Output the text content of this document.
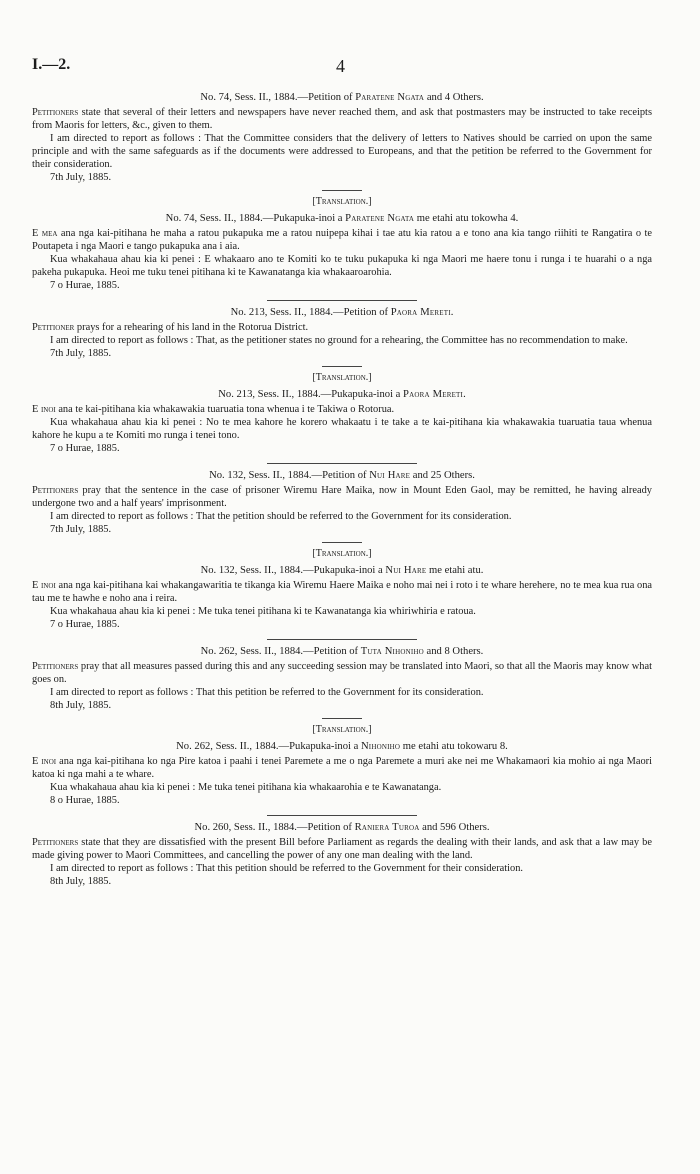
I.—2.	4
No. 74, Sess. II., 1884.—Petition of Paratene Ngata and 4 Others.

Petitioners state that several of their letters and newspapers have never reached them, and ask that postmasters may be instructed to take receipts from Maoris for letters, &c., given to them.

I am directed to report as follows : That the Committee considers that the delivery of letters to Natives should be carried on upon the same principle and with the same safeguards as if the documents were addressed to Europeans, and that the petition be referred to the Government for their consideration.

7th July, 1885.
[Translation.]
No. 74, Sess. II., 1884.—Pukapuka-inoi a Paratene Ngata me etahi atu tokowha 4.

E mea ana nga kai-pitihana he maha a ratou pukapuka me a ratou nuipepa kihai i tae atu kia ratou a e tono ana kia tango riihiti te Rangatira o te Poutapeta i nga Maori e tango pukapuka ana i aia.

Kua whakahaua ahau kia ki penei : E whakaaro ano te Komiti ko te tuku pukapuka ki nga Maori me haere tonu i runga i te huarahi o a nga pakeha pukapuka. Heoi me tuku tenei pitihana ki te Kawanatanga kia whakaaroarohia.

7 o Hurae, 1885.
No. 213, Sess. II., 1884.—Petition of Paora Mereti.

Petitioner prays for a rehearing of his land in the Rotorua District.

I am directed to report as follows : That, as the petitioner states no ground for a rehearing, the Committee has no recommendation to make.

7th July, 1885.
[Translation.]
No. 213, Sess. II., 1884.—Pukapuka-inoi a Paora Mereti.

E inoi ana te kai-pitihana kia whakawakia tuaruatia tona whenua i te Takiwa o Rotorua.

Kua whakahaua ahau kia ki penei : No te mea kahore he korero whakaatu i te take a te kai-pitihana kia whakawakia tuaruatia taua whenua kahore he kupu a te Komiti mo runga i tenei tono.

7 o Hurae, 1885.
No. 132, Sess. II., 1884.—Petition of Nui Hare and 25 Others.

Petitioners pray that the sentence in the case of prisoner Wiremu Hare Maika, now in Mount Eden Gaol, may be remitted, he having already undergone two and a half years' imprisonment.

I am directed to report as follows : That the petition should be referred to the Government for its consideration.

7th July, 1885.
[Translation.]
No. 132, Sess. II., 1884.—Pukapuka-inoi a Nui Hare me etahi atu.

E inoi ana nga kai-pitihana kai whakangawaritia te tikanga kia Wiremu Haere Maika e noho mai nei i roto i te whare herehere, no te mea kua rua ona tau me te hawhe e noho ana i reira.

Kua whakahaua ahau kia ki penei : Me tuka tenei pitihana ki te Kawanatanga kia whiriwhiria e ratoua.

7 o Hurae, 1885.
No. 262, Sess. II., 1884.—Petition of Tuta Nihoniho and 8 Others.

Petitioners pray that all measures passed during this and any succeeding session may be translated into Maori, so that all the Maoris may know what goes on.

I am directed to report as follows : That this petition be referred to the Government for its consideration.

8th July, 1885.
[Translation.]
No. 262, Sess. II., 1884.—Pukapuka-inoi a Nihoniho me etahi atu tokowaru 8.

E inoi ana nga kai-pitihana ko nga Pire katoa i paahi i tenei Paremete a me o nga Paremete a muri ake nei me Whakamaori kia mohio ai nga Maori katoa ki nga mahi a te whare.

Kua whakahaua ahau kia ki penei : Me tuka tenei pitihana kia whakaarohia e te Kawanatanga.

8 o Hurae, 1885.
No. 260, Sess. II., 1884.—Petition of Raniera Turoa and 596 Others.

Petitioners state that they are dissatisfied with the present Bill before Parliament as regards the dealing with their lands, and ask that a law may be made giving power to Maori Committees, and cancelling the power of any one man dealing with the land.

I am directed to report as follows : That this petition should be referred to the Government for their consideration.

8th July, 1885.
